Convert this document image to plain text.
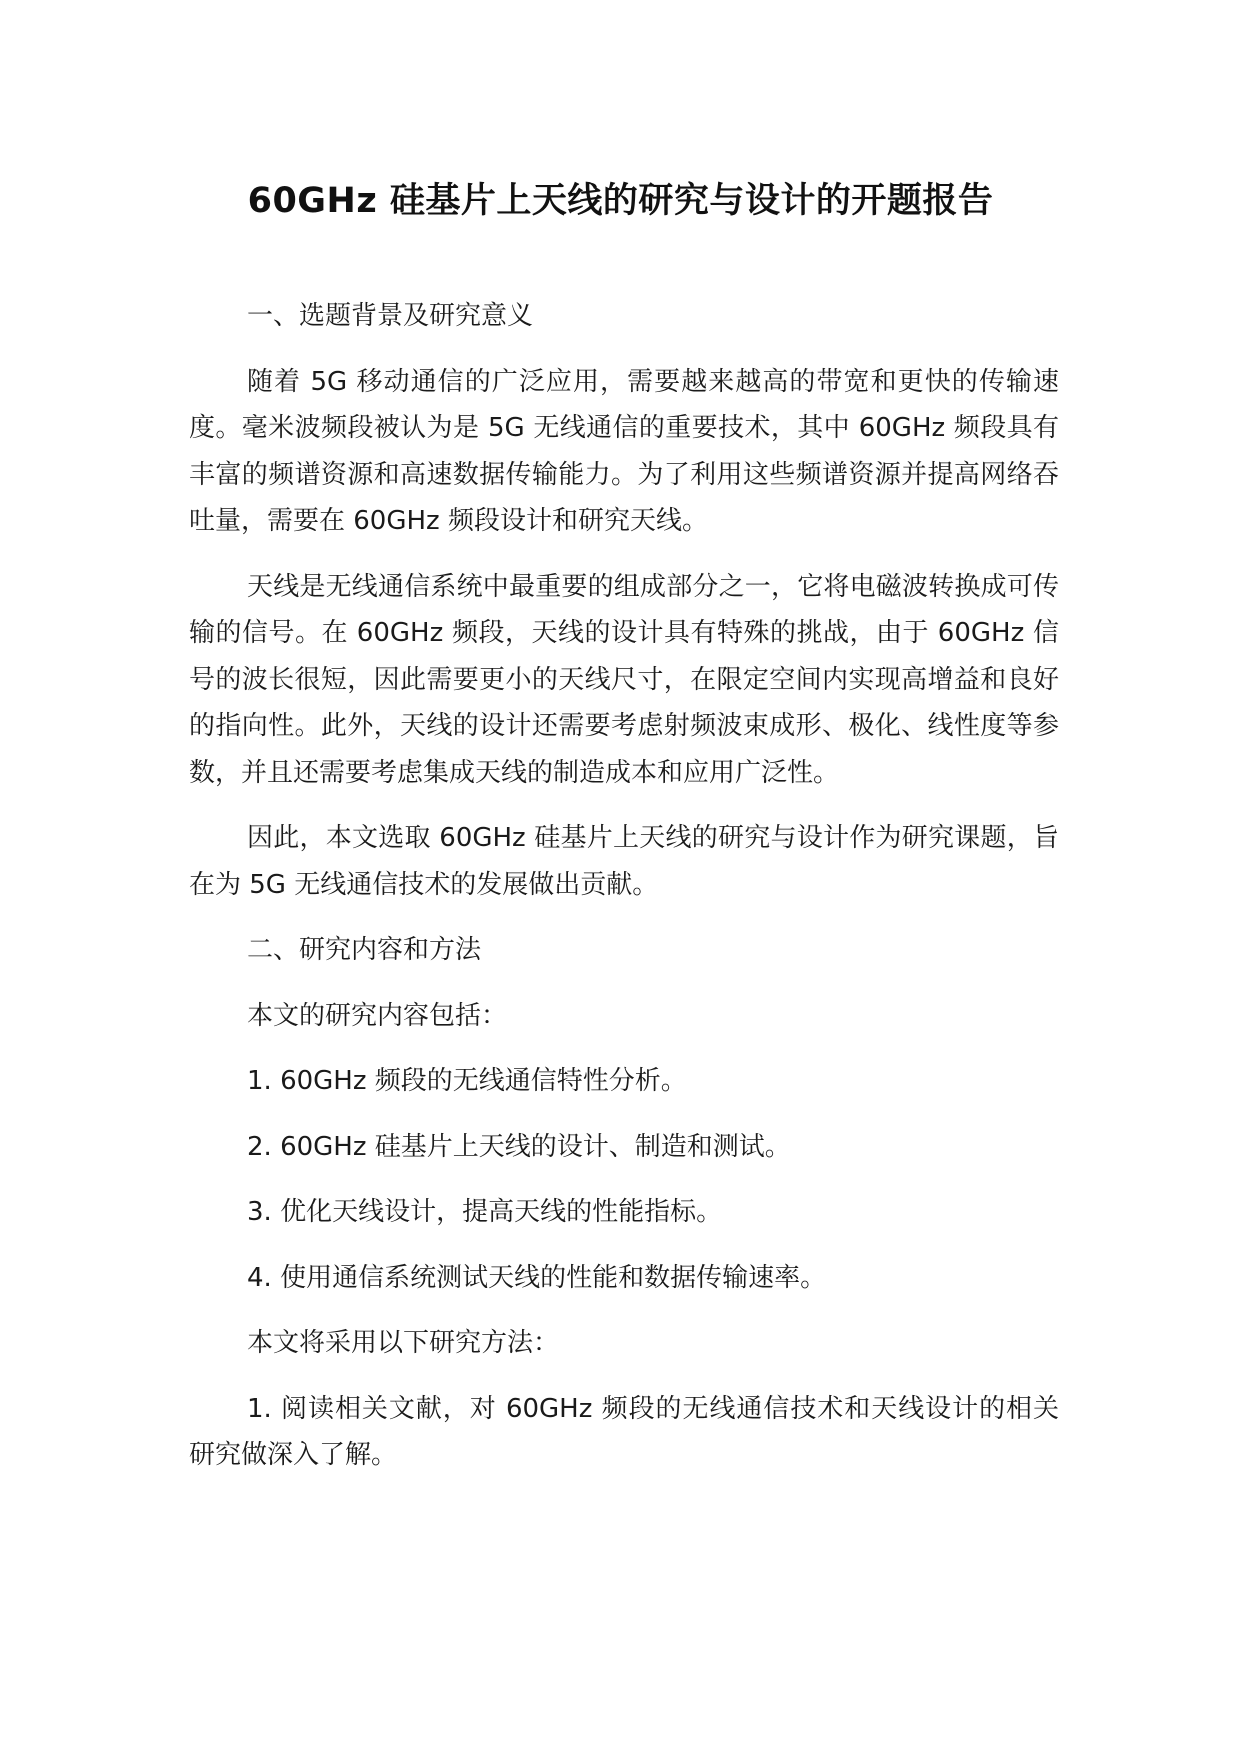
60GHz 硅基片上天线的研究与设计的开题报告

一、选题背景及研究意义

随着 5G 移动通信的广泛应用，需要越来越高的带宽和更快的传输速度。毫米波频段被认为是 5G 无线通信的重要技术，其中 60GHz 频段具有丰富的频谱资源和高速数据传输能力。为了利用这些频谱资源并提高网络吞吐量，需要在 60GHz 频段设计和研究天线。

天线是无线通信系统中最重要的组成部分之一，它将电磁波转换成可传输的信号。在 60GHz 频段，天线的设计具有特殊的挑战，由于 60GHz 信号的波长很短，因此需要更小的天线尺寸，在限定空间内实现高增益和良好的指向性。此外，天线的设计还需要考虑射频波束成形、极化、线性度等参数，并且还需要考虑集成天线的制造成本和应用广泛性。

因此，本文选取 60GHz 硅基片上天线的研究与设计作为研究课题，旨在为 5G 无线通信技术的发展做出贡献。

二、研究内容和方法

本文的研究内容包括：

1. 60GHz 频段的无线通信特性分析。

2. 60GHz 硅基片上天线的设计、制造和测试。

3. 优化天线设计，提高天线的性能指标。

4. 使用通信系统测试天线的性能和数据传输速率。

本文将采用以下研究方法：

1. 阅读相关文献，对 60GHz 频段的无线通信技术和天线设计的相关研究做深入了解。
